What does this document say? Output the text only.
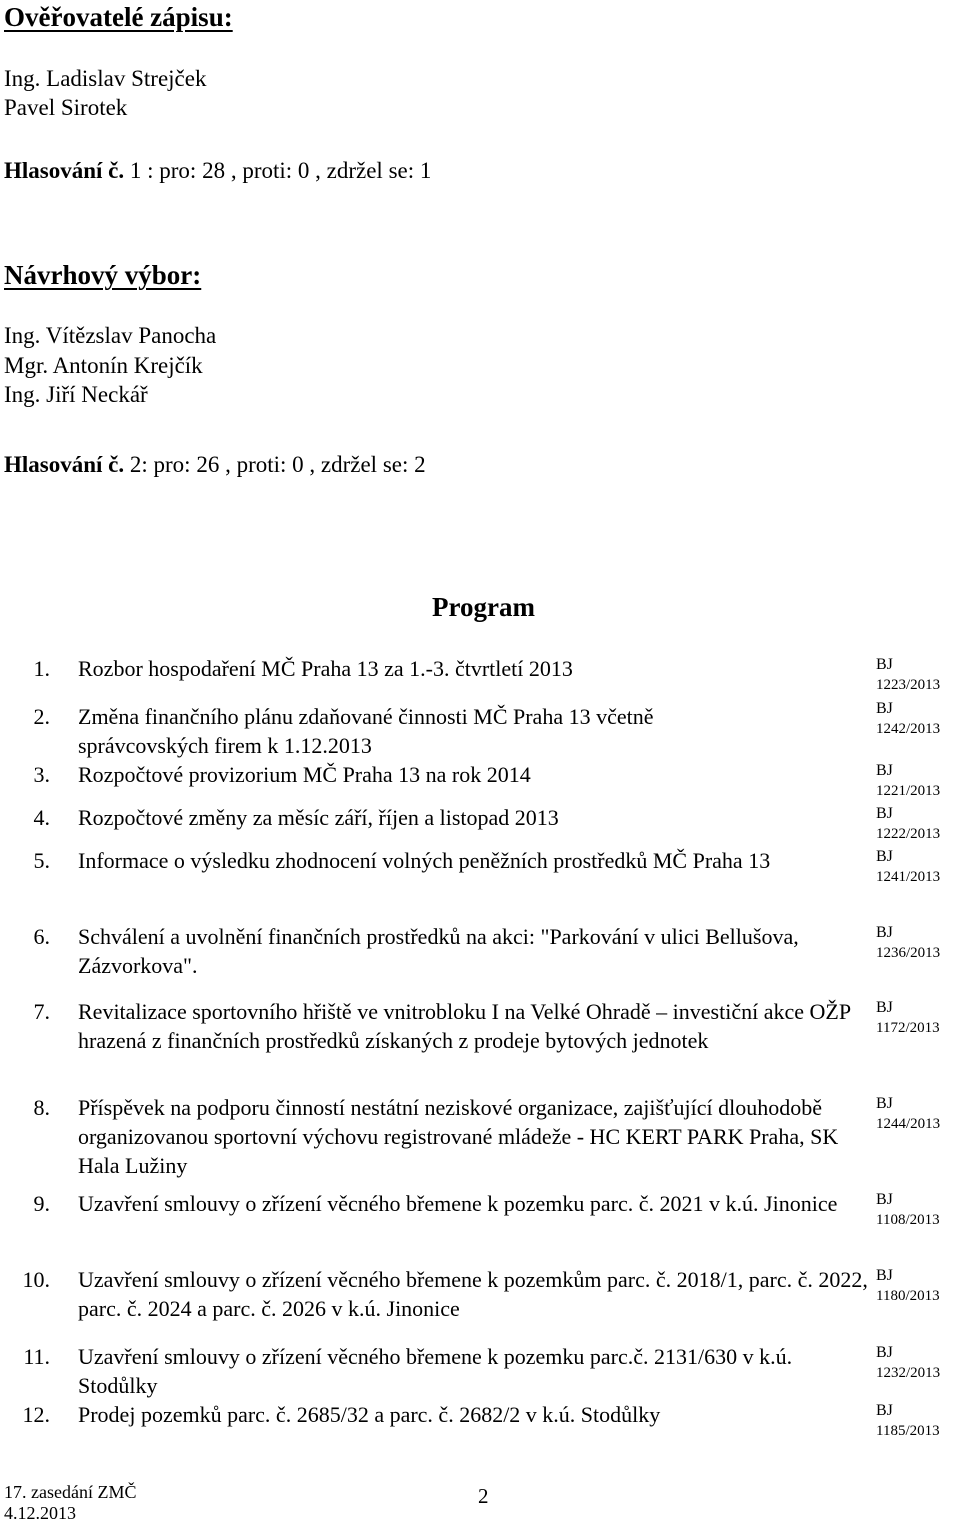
Ověřovatelé zápisu:
Ing. Ladislav Strejček
Pavel Sirotek
Hlasování č. 1 : pro: 28 , proti: 0 , zdržel se: 1
Návrhový výbor:
Ing. Vítězslav Panocha
Mgr. Antonín Krejčík
Ing. Jiří Neckář
Hlasování č. 2: pro: 26 , proti: 0 , zdržel se: 2
Program
1. Rozbor hospodaření MČ Praha 13 za 1.-3. čtvrtletí 2013	BJ
1223/2013
2. Změna finančního plánu zdaňované činnosti MČ Praha 13 včetně správcovských firem k 1.12.2013
BJ
1242/2013
3. Rozpočtové provizorium MČ Praha 13 na rok 2014	BJ
1221/2013
4. Rozpočtové změny za měsíc září, říjen a listopad 2013	BJ
1222/2013
5. Informace o výsledku zhodnocení volných peněžních prostředků MČ Praha 13	BJ
1241/2013
6. Schválení a uvolnění finančních prostředků na akci: "Parkování v ulici Bellušova, Zázvorkova".
BJ
1236/2013
7. Revitalizace sportovního hřiště ve vnitrobloku I na Velké Ohradě – investiční akce OŽP hrazená z finančních prostředků získaných z prodeje bytových jednotek
BJ
1172/2013
8. Příspěvek na podporu činností nestátní neziskové organizace, zajišťující dlouhodobě organizovanou sportovní výchovu registrované mládeže - HC KERT PARK Praha, SK Hala Lužiny
BJ
1244/2013
9. Uzavření smlouvy o zřízení věcného břemene k pozemku parc. č. 2021 v k.ú. Jinonice	BJ
1108/2013
10. Uzavření smlouvy o zřízení věcného břemene k pozemkům parc. č. 2018/1, parc. č. 2022, parc. č. 2024 a parc. č. 2026 v k.ú. Jinonice
BJ
1180/2013
11. Uzavření smlouvy o zřízení věcného břemene k pozemku parc.č. 2131/630 v k.ú. Stodůlky
BJ
1232/2013
12. Prodej pozemků parc. č. 2685/32 a parc. č. 2682/2 v k.ú. Stodůlky	BJ
1185/2013
17. zasedání ZMČ
4.12.2013
2
